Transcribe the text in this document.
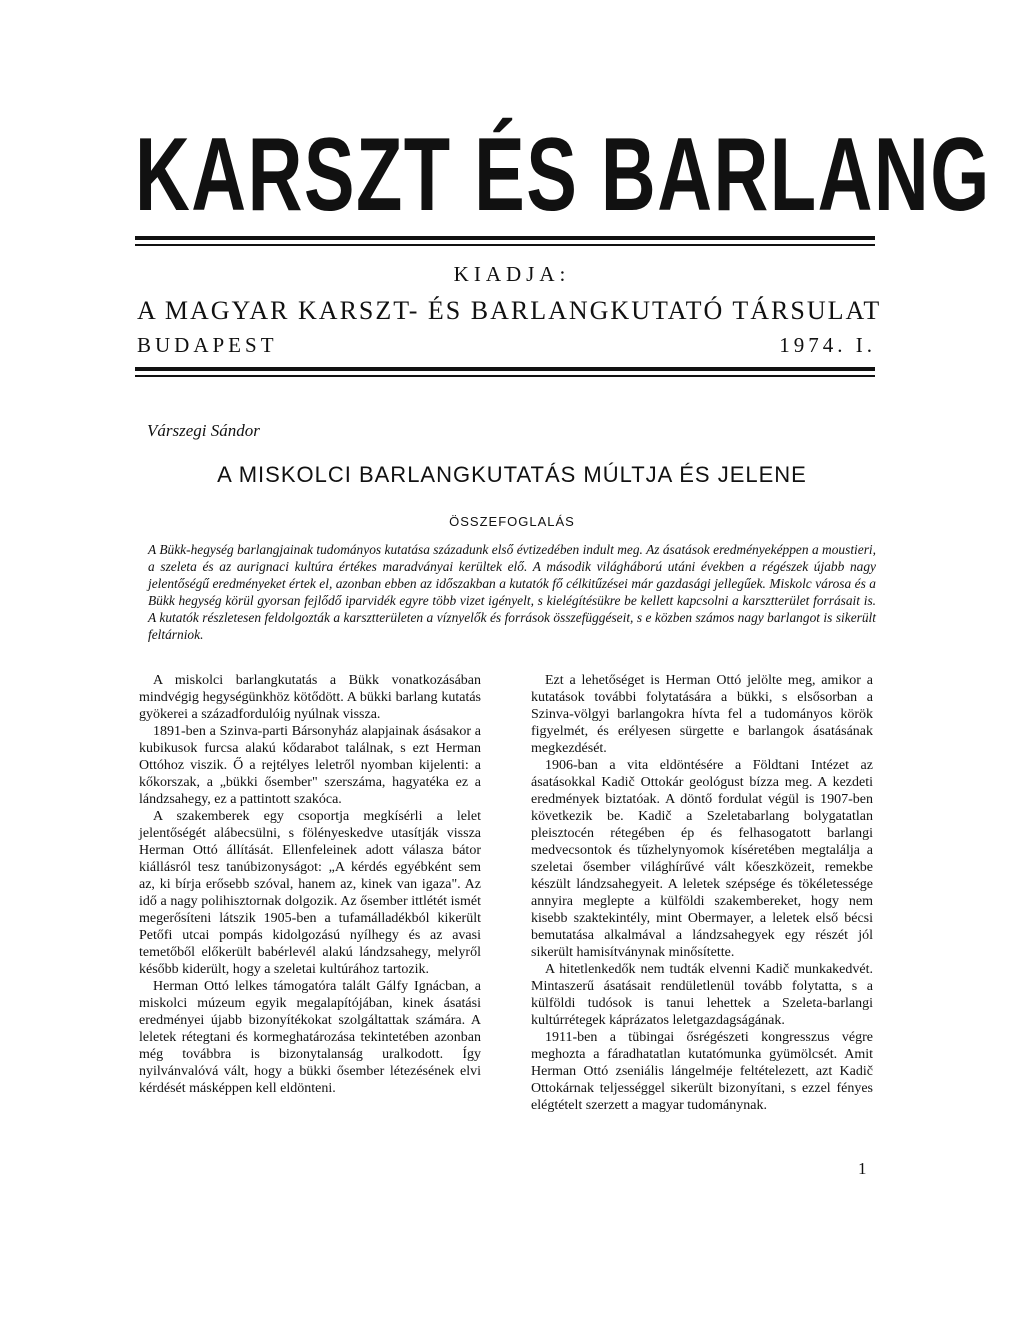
KARSZT ÉS BARLANG
KIADJA:
A MAGYAR KARSZT- ÉS BARLANGKUTATÓ TÁRSULAT
BUDAPEST	1974. I.
Várszegi Sándor
A MISKOLCI BARLANGKUTATÁS MÚLTJA ÉS JELENE
ÖSSZEFOGLALÁS
A Bükk-hegység barlangjainak tudományos kutatása századunk első évtizedében indult meg. Az ásatások eredményeképpen a moustieri, a szeleta és az aurignaci kultúra értékes maradványai kerültek elő. A második világháború utáni években a régészek újabb nagy jelentőségű eredményeket értek el, azonban ebben az időszakban a kutatók fő célkitűzései már gazdasági jellegűek. Miskolc városa és a Bükk hegység körül gyorsan fejlődő iparvidék egyre több vizet igényelt, s kielégítésükre be kellett kapcsolni a karsztterület forrásait is. A kutatók részletesen feldolgozták a karsztterületen a víznyelők és források összefüggéseit, s e közben számos nagy barlangot is sikerült feltárniok.

A miskolci barlangkutatás a Bükk vonatkozásában mindvégig hegységünkhöz kötődött. A bükki barlang kutatás gyökerei a századfordulóig nyúlnak vissza.

1891-ben a Szinva-parti Bársonyház alapjainak ásásakor a kubikusok furcsa alakú kődarabot találnak, s ezt Herman Ottóhoz viszik. Ő a rejtélyes leletről nyomban kijelenti: a kőkorszak, a „bükki ősember" szerszáma, hagyatéka ez a lándzsahegy, ez a pattintott szakóca.

A szakemberek egy csoportja megkísérli a lelet jelentőségét alábecsülni, s fölényeskedve utasítják vissza Herman Ottó állítását. Ellenfeleinek adott válasza bátor kiállásról tesz tanúbizonyságot: „A kérdés egyébként sem az, ki bírja erősebb szóval, hanem az, kinek van igaza". Az idő a nagy polihisztornak dolgozik. Az ősember ittlétét ismét megerősíteni látszik 1905-ben a tufamálladékból kikerült Petőfi utcai pompás kidolgozású nyílhegy és az avasi temetőből előkerült babérlevél alakú lándzsahegy, melyről később kiderült, hogy a szeletai kultúrához tartozik.

Herman Ottó lelkes támogatóra talált Gálfy Ignácban, a miskolci múzeum egyik megalapítójában, kinek ásatási eredményei újabb bizonyítékokat szolgáltattak számára. A leletek rétegtani és kormeghatározása tekintetében azonban még továbbra is bizonytalanság uralkodott. Így nyilvánvalóvá vált, hogy a bükki ősember létezésének elvi kérdését másképpen kell eldönteni.

Ezt a lehetőséget is Herman Ottó jelölte meg, amikor a kutatások további folytatására a bükki, s elsősorban a Szinva-völgyi barlangokra hívta fel a tudományos körök figyelmét, és erélyesen sürgette e barlangok ásatásának megkezdését.

1906-ban a vita eldöntésére a Földtani Intézet az ásatásokkal Kadič Ottokár geológust bízza meg. A kezdeti eredmények biztatóak. A döntő fordulat végül is 1907-ben következik be. Kadič a Szeletabarlang bolygatatlan pleisztocén rétegében ép és felhasogatott barlangi medvecsontok és tűzhelynyomok kíséretében megtalálja a szeletai ősember világhírűvé vált kőeszközeit, remekbe készült lándzsahegyeit. A leletek szépsége és tökéletessége annyira meglepte a külföldi szakembereket, hogy nem kisebb szaktekintély, mint Obermayer, a leletek első bécsi bemutatása alkalmával a lándzsahegyek egy részét jól sikerült hamisítványnak minősítette.

A hitetlenkedők nem tudták elvenni Kadič munkakedvét. Mintaszerű ásatásait rendületlenül tovább folytatta, s a külföldi tudósok is tanui lehettek a Szeleta-barlangi kultúrrétegek káprázatos leletgazdagságának.

1911-ben a tübingai ősrégészeti kongresszus végre meghozta a fáradhatatlan kutatómunka gyümölcsét. Amit Herman Ottó zseniális lángelméje feltételezett, azt Kadič Ottokárnak teljességgel sikerült bizonyítani, s ezzel fényes elégtételt szerzett a magyar tudománynak.

1
